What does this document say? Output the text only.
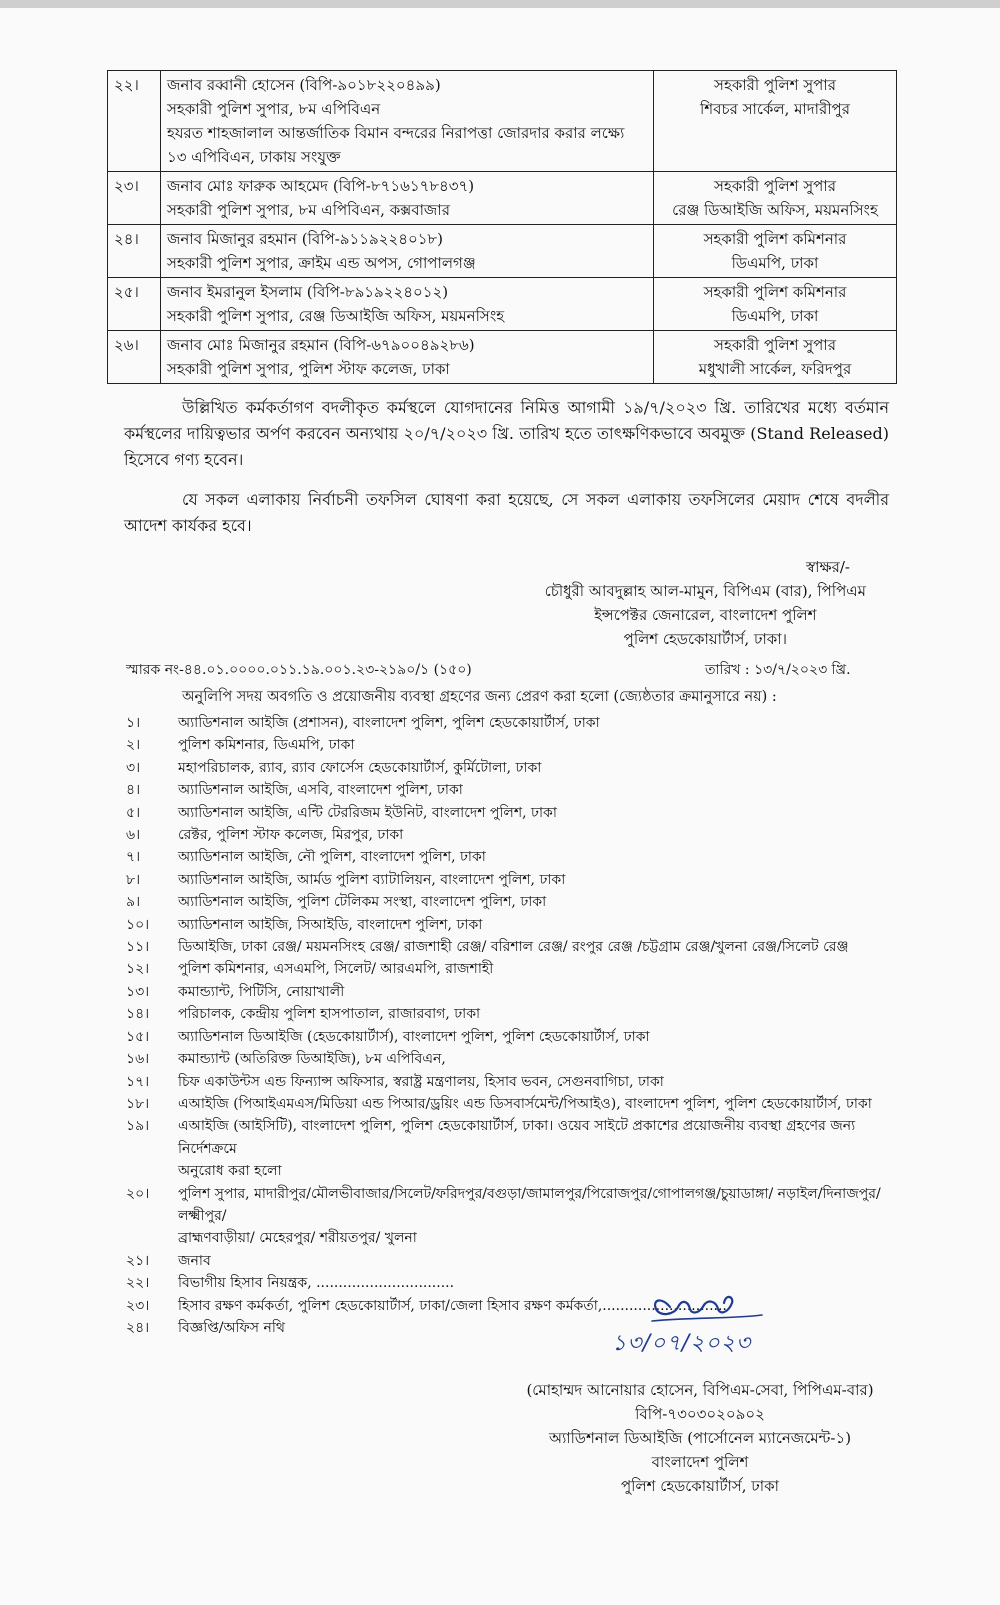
২২।	জনাব রব্বানী হোসেন (বিপি-৯০১৮২২০৪৯৯)
সহকারী পুলিশ সুপার, ৮ম এপিবিএন
হযরত শাহজালাল আন্তর্জাতিক বিমান বন্দরের নিরাপত্তা জোরদার করার লক্ষ্যে
১৩ এপিবিএন, ঢাকায় সংযুক্ত	সহকারী পুলিশ সুপার
শিবচর সার্কেল, মাদারীপুর

২৩।	জনাব মোঃ ফারুক আহমেদ (বিপি-৮৭১৬১৭৮৪৩৭)
সহকারী পুলিশ সুপার, ৮ম এপিবিএন, কক্সবাজার	সহকারী পুলিশ সুপার
রেঞ্জ ডিআইজি অফিস, ময়মনসিংহ

২৪।	জনাব মিজানুর রহমান (বিপি-৯১১৯২২৪০১৮)
সহকারী পুলিশ সুপার, ক্রাইম এন্ড অপস, গোপালগঞ্জ	সহকারী পুলিশ কমিশনার
ডিএমপি, ঢাকা

২৫।	জনাব ইমরানুল ইসলাম (বিপি-৮৯১৯২২৪০১২)
সহকারী পুলিশ সুপার, রেঞ্জ ডিআইজি অফিস, ময়মনসিংহ	সহকারী পুলিশ কমিশনার
ডিএমপি, ঢাকা

২৬।	জনাব মোঃ মিজানুর রহমান (বিপি-৬৭৯০০৪৯২৮৬)
সহকারী পুলিশ সুপার, পুলিশ স্টাফ কলেজ, ঢাকা	সহকারী পুলিশ সুপার
মধুখালী সার্কেল, ফরিদপুর
উল্লিখিত কর্মকর্তাগণ বদলীকৃত কর্মস্থলে যোগদানের নিমিত্ত আগামী ১৯/৭/২০২৩ খ্রি. তারিখের মধ্যে বর্তমান কর্মস্থলের দায়িত্বভার অর্পণ করবেন অন্যথায় ২০/৭/২০২৩ খ্রি. তারিখ হতে তাৎক্ষণিকভাবে অবমুক্ত (Stand Released) হিসেবে গণ্য হবেন।
যে সকল এলাকায় নির্বাচনী তফসিল ঘোষণা করা হয়েছে, সে সকল এলাকায় তফসিলের মেয়াদ শেষে বদলীর আদেশ কার্যকর হবে।
স্বাক্ষর/-
চৌধুরী আবদুল্লাহ আল-মামুন, বিপিএম (বার), পিপিএম
ইন্সপেক্টর জেনারেল, বাংলাদেশ পুলিশ
পুলিশ হেডকোয়ার্টার্স, ঢাকা।
স্মারক নং-৪৪.০১.০০০০.০১১.১৯.০০১.২৩-২১৯০/১ (১৫০)	তারিখ : ১৩/৭/২০২৩ খ্রি.
অনুলিপি সদয় অবগতি ও প্রয়োজনীয় ব্যবস্থা গ্রহণের জন্য প্রেরণ করা হলো (জ্যেষ্ঠতার ক্রমানুসারে নয়) :
১।	অ্যাডিশনাল আইজি (প্রশাসন), বাংলাদেশ পুলিশ, পুলিশ হেডকোয়ার্টার্স, ঢাকা
২।	পুলিশ কমিশনার, ডিএমপি, ঢাকা
৩।	মহাপরিচালক, র‌্যাব, র‌্যাব ফোর্সেস হেডকোয়ার্টার্স, কুর্মিটোলা, ঢাকা
৪।	অ্যাডিশনাল আইজি, এসবি, বাংলাদেশ পুলিশ, ঢাকা
৫।	অ্যাডিশনাল আইজি, এন্টি টেররিজম ইউনিট, বাংলাদেশ পুলিশ, ঢাকা
৬।	রেক্টর, পুলিশ স্টাফ কলেজ, মিরপুর, ঢাকা
৭।	অ্যাডিশনাল আইজি, নৌ পুলিশ, বাংলাদেশ পুলিশ, ঢাকা
৮।	অ্যাডিশনাল আইজি, আর্মড পুলিশ ব্যাটালিয়ন, বাংলাদেশ পুলিশ, ঢাকা
৯।	অ্যাডিশনাল আইজি, পুলিশ টেলিকম সংস্থা, বাংলাদেশ পুলিশ, ঢাকা
১০।	অ্যাডিশনাল আইজি, সিআইডি, বাংলাদেশ পুলিশ, ঢাকা
১১।	ডিআইজি, ঢাকা রেঞ্জ/ ময়মনসিংহ রেঞ্জ/ রাজশাহী রেঞ্জ/ বরিশাল রেঞ্জ/ রংপুর রেঞ্জ /চট্টগ্রাম রেঞ্জ/খুলনা রেঞ্জ/সিলেট রেঞ্জ
১২।	পুলিশ কমিশনার, এসএমপি, সিলেট/ আরএমপি, রাজশাহী
১৩।	কমান্ড্যান্ট, পিটিসি, নোয়াখালী
১৪।	পরিচালক, কেন্দ্রীয় পুলিশ হাসপাতাল, রাজারবাগ, ঢাকা
১৫।	অ্যাডিশনাল ডিআইজি (হেডকোয়ার্টার্স), বাংলাদেশ পুলিশ, পুলিশ হেডকোয়ার্টার্স, ঢাকা
১৬।	কমান্ড্যান্ট (অতিরিক্ত ডিআইজি), ৮ম এপিবিএন,
১৭।	চিফ একাউন্টস এন্ড ফিন্যান্স অফিসার, স্বরাষ্ট্র মন্ত্রণালয়, হিসাব ভবন, সেগুনবাগিচা, ঢাকা
১৮।	এআইজি (পিআইএমএস/মিডিয়া এন্ড পিআর/ড্রয়িং এন্ড ডিসবার্সমেন্ট/পিআইও), বাংলাদেশ পুলিশ, পুলিশ হেডকোয়ার্টার্স, ঢাকা
১৯।	এআইজি (আইসিটি), বাংলাদেশ পুলিশ, পুলিশ হেডকোয়ার্টার্স, ঢাকা। ওয়েব সাইটে প্রকাশের প্রয়োজনীয় ব্যবস্থা গ্রহণের জন্য নির্দেশক্রমে
অনুরোধ করা হলো
২০।	পুলিশ সুপার, মাদারীপুর/মৌলভীবাজার/সিলেট/ফরিদপুর/বগুড়া/জামালপুর/পিরোজপুর/গোপালগঞ্জ/চুয়াডাঙ্গা/ নড়াইল/দিনাজপুর/লক্ষ্মীপুর/
ব্রাহ্মণবাড়ীয়া/ মেহেরপুর/ শরীয়তপুর/ খুলনা
২১।	জনাব
২২।	বিভাগীয় হিসাব নিয়ন্ত্রক, ...............................
২৩।	হিসাব রক্ষণ কর্মকর্তা, পুলিশ হেডকোয়ার্টার্স, ঢাকা/জেলা হিসাব রক্ষণ কর্মকর্তা,............................
২৪।	বিজ্ঞপ্তি/অফিস নথি
১৩/০৭/২০২৩
(মোহাম্মদ আনোয়ার হোসেন, বিপিএম-সেবা, পিপিএম-বার)
বিপি-৭৩০৩০২০৯০২
অ্যাডিশনাল ডিআইজি (পার্সোনেল ম্যানেজমেন্ট-১)
বাংলাদেশ পুলিশ
পুলিশ হেডকোয়ার্টার্স, ঢাকা
